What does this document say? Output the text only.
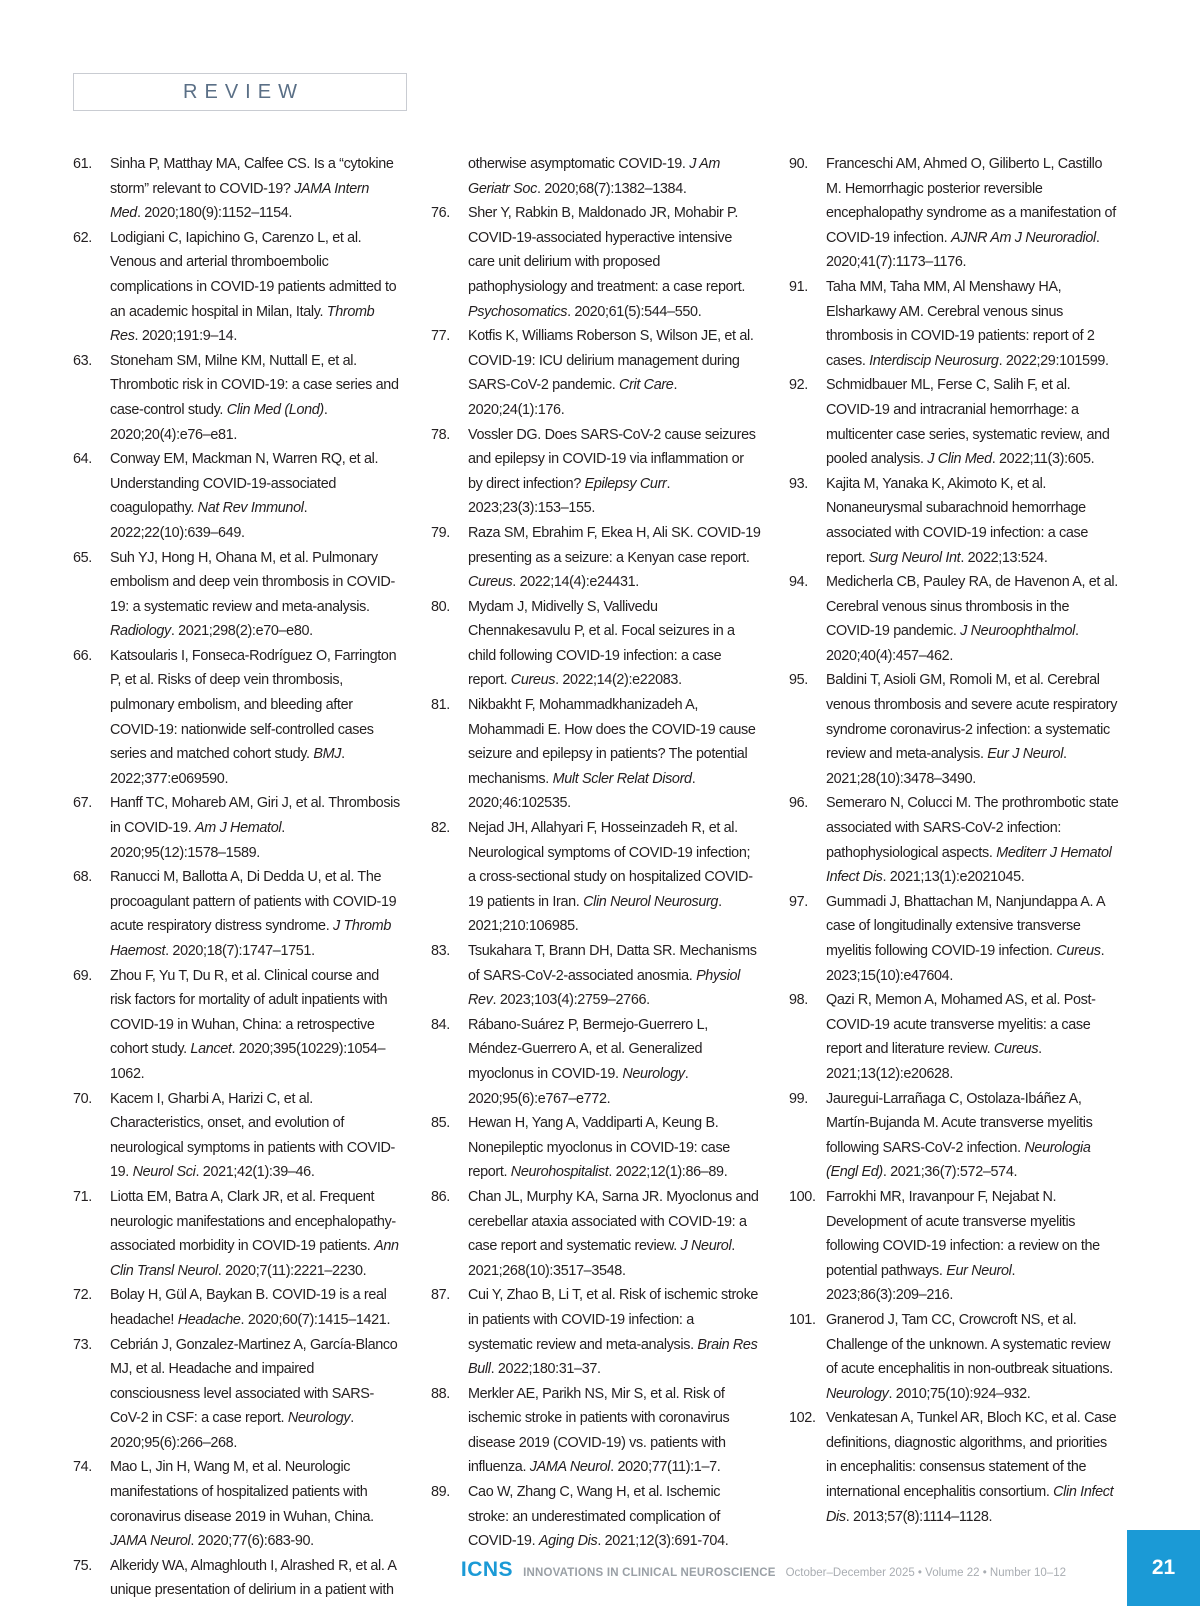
REVIEW
61.	Sinha P, Matthay MA, Calfee CS. Is a “cytokine storm” relevant to COVID-19? JAMA Intern Med. 2020;180(9):1152–1154.
62.	Lodigiani C, Iapichino G, Carenzo L, et al. Venous and arterial thromboembolic complications in COVID-19 patients admitted to an academic hospital in Milan, Italy. Thromb Res. 2020;191:9–14.
63.	Stoneham SM, Milne KM, Nuttall E, et al. Thrombotic risk in COVID-19: a case series and case-control study. Clin Med (Lond). 2020;20(4):e76–e81.
64.	Conway EM, Mackman N, Warren RQ, et al. Understanding COVID-19-associated coagulopathy. Nat Rev Immunol. 2022;22(10):639–649.
65.	Suh YJ, Hong H, Ohana M, et al. Pulmonary embolism and deep vein thrombosis in COVID-19: a systematic review and meta-analysis. Radiology. 2021;298(2):e70–e80.
66.	Katsoularis I, Fonseca-Rodríguez O, Farrington P, et al. Risks of deep vein thrombosis, pulmonary embolism, and bleeding after COVID-19: nationwide self-controlled cases series and matched cohort study. BMJ. 2022;377:e069590.
67.	Hanff TC, Mohareb AM, Giri J, et al. Thrombosis in COVID-19. Am J Hematol. 2020;95(12):1578–1589.
68.	Ranucci M, Ballotta A, Di Dedda U, et al. The procoagulant pattern of patients with COVID-19 acute respiratory distress syndrome. J Thromb Haemost. 2020;18(7):1747–1751.
69.	Zhou F, Yu T, Du R, et al. Clinical course and risk factors for mortality of adult inpatients with COVID-19 in Wuhan, China: a retrospective cohort study. Lancet. 2020;395(10229):1054–1062.
70.	Kacem I, Gharbi A, Harizi C, et al. Characteristics, onset, and evolution of neurological symptoms in patients with COVID-19. Neurol Sci. 2021;42(1):39–46.
71.	Liotta EM, Batra A, Clark JR, et al. Frequent neurologic manifestations and encephalopathy-associated morbidity in COVID-19 patients. Ann Clin Transl Neurol. 2020;7(11):2221–2230.
72.	Bolay H, Gül A, Baykan B. COVID-19 is a real headache! Headache. 2020;60(7):1415–1421.
73.	Cebrián J, Gonzalez-Martinez A, García-Blanco MJ, et al. Headache and impaired consciousness level associated with SARS-CoV-2 in CSF: a case report. Neurology. 2020;95(6):266–268.
74.	Mao L, Jin H, Wang M, et al. Neurologic manifestations of hospitalized patients with coronavirus disease 2019 in Wuhan, China. JAMA Neurol. 2020;77(6):683-90.
75.	Alkeridy WA, Almaghlouth I, Alrashed R, et al. A unique presentation of delirium in a patient with
otherwise asymptomatic COVID-19. J Am Geriatr Soc. 2020;68(7):1382–1384.
76.	Sher Y, Rabkin B, Maldonado JR, Mohabir P. COVID-19-associated hyperactive intensive care unit delirium with proposed pathophysiology and treatment: a case report. Psychosomatics. 2020;61(5):544–550.
77.	Kotfis K, Williams Roberson S, Wilson JE, et al. COVID-19: ICU delirium management during SARS-CoV-2 pandemic. Crit Care. 2020;24(1):176.
78.	Vossler DG. Does SARS-CoV-2 cause seizures and epilepsy in COVID-19 via inflammation or by direct infection? Epilepsy Curr. 2023;23(3):153–155.
79.	Raza SM, Ebrahim F, Ekea H, Ali SK. COVID-19 presenting as a seizure: a Kenyan case report. Cureus. 2022;14(4):e24431.
80.	Mydam J, Midivelly S, Vallivedu Chennakesavulu P, et al. Focal seizures in a child following COVID-19 infection: a case report. Cureus. 2022;14(2):e22083.
81.	Nikbakht F, Mohammadkhanizadeh A, Mohammadi E. How does the COVID-19 cause seizure and epilepsy in patients? The potential mechanisms. Mult Scler Relat Disord. 2020;46:102535.
82.	Nejad JH, Allahyari F, Hosseinzadeh R, et al. Neurological symptoms of COVID-19 infection; a cross-sectional study on hospitalized COVID-19 patients in Iran. Clin Neurol Neurosurg. 2021;210:106985.
83.	Tsukahara T, Brann DH, Datta SR. Mechanisms of SARS-CoV-2-associated anosmia. Physiol Rev. 2023;103(4):2759–2766.
84.	Rábano-Suárez P, Bermejo-Guerrero L, Méndez-Guerrero A, et al. Generalized myoclonus in COVID-19. Neurology. 2020;95(6):e767–e772.
85.	Hewan H, Yang A, Vaddiparti A, Keung B. Nonepileptic myoclonus in COVID-19: case report. Neurohospitalist. 2022;12(1):86–89.
86.	Chan JL, Murphy KA, Sarna JR. Myoclonus and cerebellar ataxia associated with COVID-19: a case report and systematic review. J Neurol. 2021;268(10):3517–3548.
87.	Cui Y, Zhao B, Li T, et al. Risk of ischemic stroke in patients with COVID-19 infection: a systematic review and meta-analysis. Brain Res Bull. 2022;180:31–37.
88.	Merkler AE, Parikh NS, Mir S, et al. Risk of ischemic stroke in patients with coronavirus disease 2019 (COVID-19) vs. patients with influenza. JAMA Neurol. 2020;77(11):1–7.
89.	Cao W, Zhang C, Wang H, et al. Ischemic stroke: an underestimated complication of COVID-19. Aging Dis. 2021;12(3):691-704.
90.	Franceschi AM, Ahmed O, Giliberto L, Castillo M. Hemorrhagic posterior reversible encephalopathy syndrome as a manifestation of COVID-19 infection. AJNR Am J Neuroradiol. 2020;41(7):1173–1176.
91.	Taha MM, Taha MM, Al Menshawy HA, Elsharkawy AM. Cerebral venous sinus thrombosis in COVID-19 patients: report of 2 cases. Interdiscip Neurosurg. 2022;29:101599.
92.	Schmidbauer ML, Ferse C, Salih F, et al. COVID-19 and intracranial hemorrhage: a multicenter case series, systematic review, and pooled analysis. J Clin Med. 2022;11(3):605.
93.	Kajita M, Yanaka K, Akimoto K, et al. Nonaneurysmal subarachnoid hemorrhage associated with COVID-19 infection: a case report. Surg Neurol Int. 2022;13:524.
94.	Medicherla CB, Pauley RA, de Havenon A, et al. Cerebral venous sinus thrombosis in the COVID-19 pandemic. J Neuroophthalmol. 2020;40(4):457–462.
95.	Baldini T, Asioli GM, Romoli M, et al. Cerebral venous thrombosis and severe acute respiratory syndrome coronavirus-2 infection: a systematic review and meta-analysis. Eur J Neurol. 2021;28(10):3478–3490.
96.	Semeraro N, Colucci M. The prothrombotic state associated with SARS-CoV-2 infection: pathophysiological aspects. Mediterr J Hematol Infect Dis. 2021;13(1):e2021045.
97.	Gummadi J, Bhattachan M, Nanjundappa A. A case of longitudinally extensive transverse myelitis following COVID-19 infection. Cureus. 2023;15(10):e47604.
98.	Qazi R, Memon A, Mohamed AS, et al. Post-COVID-19 acute transverse myelitis: a case report and literature review. Cureus. 2021;13(12):e20628.
99.	Jauregui-Larrañaga C, Ostolaza-Ibáñez A, Martín-Bujanda M. Acute transverse myelitis following SARS-CoV-2 infection. Neurologia (Engl Ed). 2021;36(7):572–574.
100. Farrokhi MR, Iravanpour F, Nejabat N. Development of acute transverse myelitis following COVID-19 infection: a review on the potential pathways. Eur Neurol. 2023;86(3):209–216.
101. Granerod J, Tam CC, Crowcroft NS, et al. Challenge of the unknown. A systematic review of acute encephalitis in non-outbreak situations. Neurology. 2010;75(10):924–932.
102. Venkatesan A, Tunkel AR, Bloch KC, et al. Case definitions, diagnostic algorithms, and priorities in encephalitis: consensus statement of the international encephalitis consortium. Clin Infect Dis. 2013;57(8):1114–1128.
ICNS INNOVATIONS IN CLINICAL NEUROSCIENCE October–December 2025 • Volume 22 • Number 10–12	21
